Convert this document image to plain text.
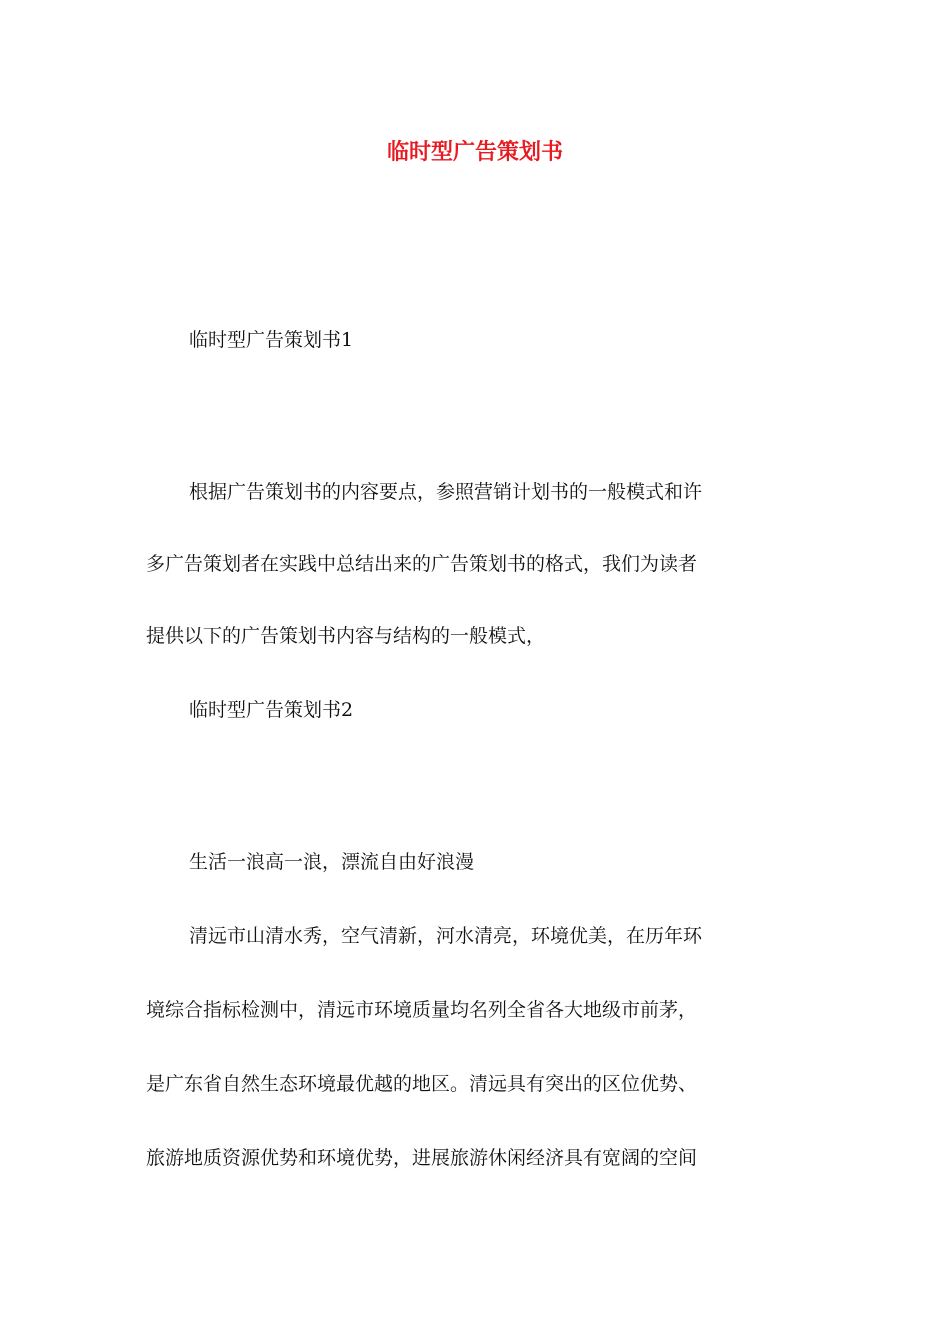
临时型广告策划书
临时型广告策划书1
根据广告策划书的内容要点，参照营销计划书的一般模式和许
多广告策划者在实践中总结出来的广告策划书的格式，我们为读者
提供以下的广告策划书内容与结构的一般模式，
临时型广告策划书2
生活一浪高一浪，漂流自由好浪漫
清远市山清水秀，空气清新，河水清亮，环境优美，在历年环
境综合指标检测中，清远市环境质量均名列全省各大地级市前茅，
是广东省自然生态环境最优越的地区。清远具有突出的区位优势、
旅游地质资源优势和环境优势，进展旅游休闲经济具有宽阔的空间
